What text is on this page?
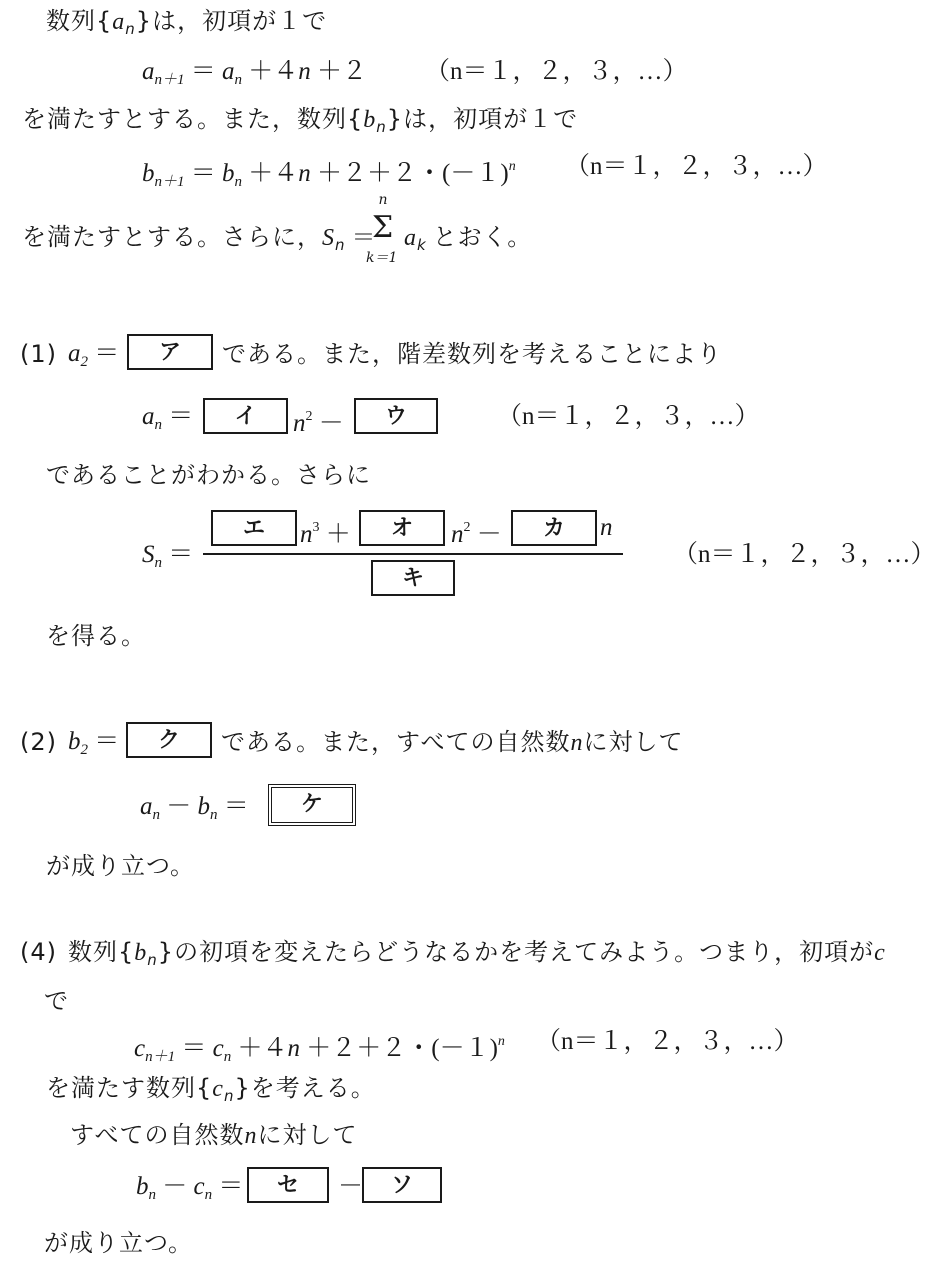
数列$\{a_n\}$は，初項が１で
$a_{n+1} = a_n +4n +2$ （n＝１，２，３，…）
を満たすとする。また，数列$\{b_n\}$は，初項が１で
$b_{n+1} = b_n +4n +2+2$・$(-1)^n$ （n＝１，２，３，…）
を満たすとする。さらに，$S_n$ ＝
n
Σ
k＝1
$a_k$ とおく。
(1) $a_2$ ＝	ア	である。また，階差数列を考えることにより
$a_n$ ＝	イ	$n^2$ －	ウ	（n＝１，２，３，…）
であることがわかる。さらに
$S_n$ ＝
エ	$n^3$ ＋	オ	$n^2$ －	カ	n
キ
（n＝１，２，３，…）
を得る。
(2) $b_2$ ＝	ク	である。また，すべての自然数nに対して
$a_n - b_n$ ＝	ケ
が成り立つ。
(4) 数列$\{b_n\}$の初項を変えたらどうなるかを考えてみよう。つまり，初項がc
で
$c_{n+1} = c_n +4n +2+2$・$(-1)^n$ （n＝１，２，３，…）
を満たす数列$\{c_n\}$を考える。
すべての自然数nに対して
$b_n - c_n$ ＝	セ	－	ソ
が成り立つ。
